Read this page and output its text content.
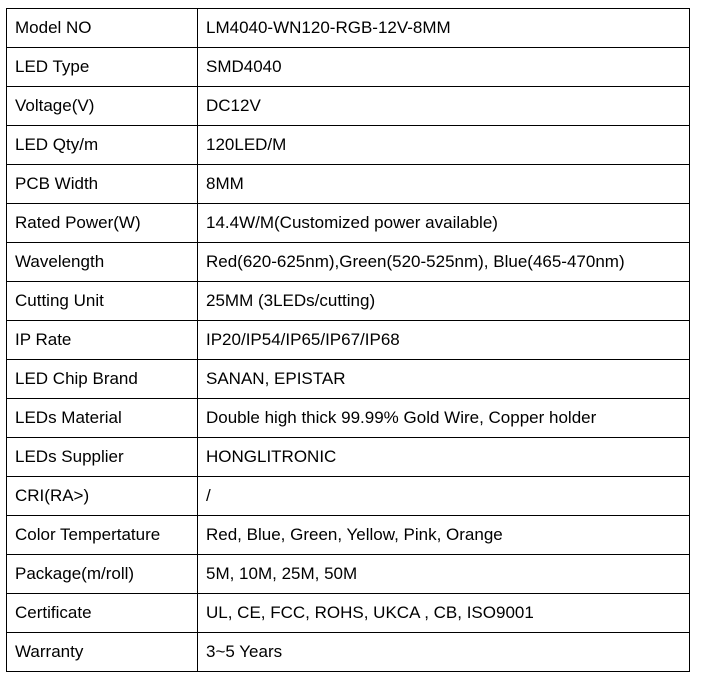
Model NO	LM4040-WN120-RGB-12V-8MM
LED Type	SMD4040
Voltage(V)	DC12V
LED Qty/m	120LED/M
PCB Width	8MM
Rated Power(W)	14.4W/M(Customized power available)
Wavelength	Red(620-625nm),Green(520-525nm), Blue(465-470nm)
Cutting Unit	25MM (3LEDs/cutting)
IP Rate	IP20/IP54/IP65/IP67/IP68
LED Chip Brand	SANAN, EPISTAR
LEDs Material	Double high thick 99.99% Gold Wire, Copper holder
LEDs Supplier	HONGLITRONIC
CRI(RA>)	/
Color Tempertature	Red, Blue, Green, Yellow, Pink, Orange
Package(m/roll)	5M, 10M, 25M, 50M
Certificate	UL, CE, FCC, ROHS, UKCA , CB, ISO9001
Warranty	3~5 Years
